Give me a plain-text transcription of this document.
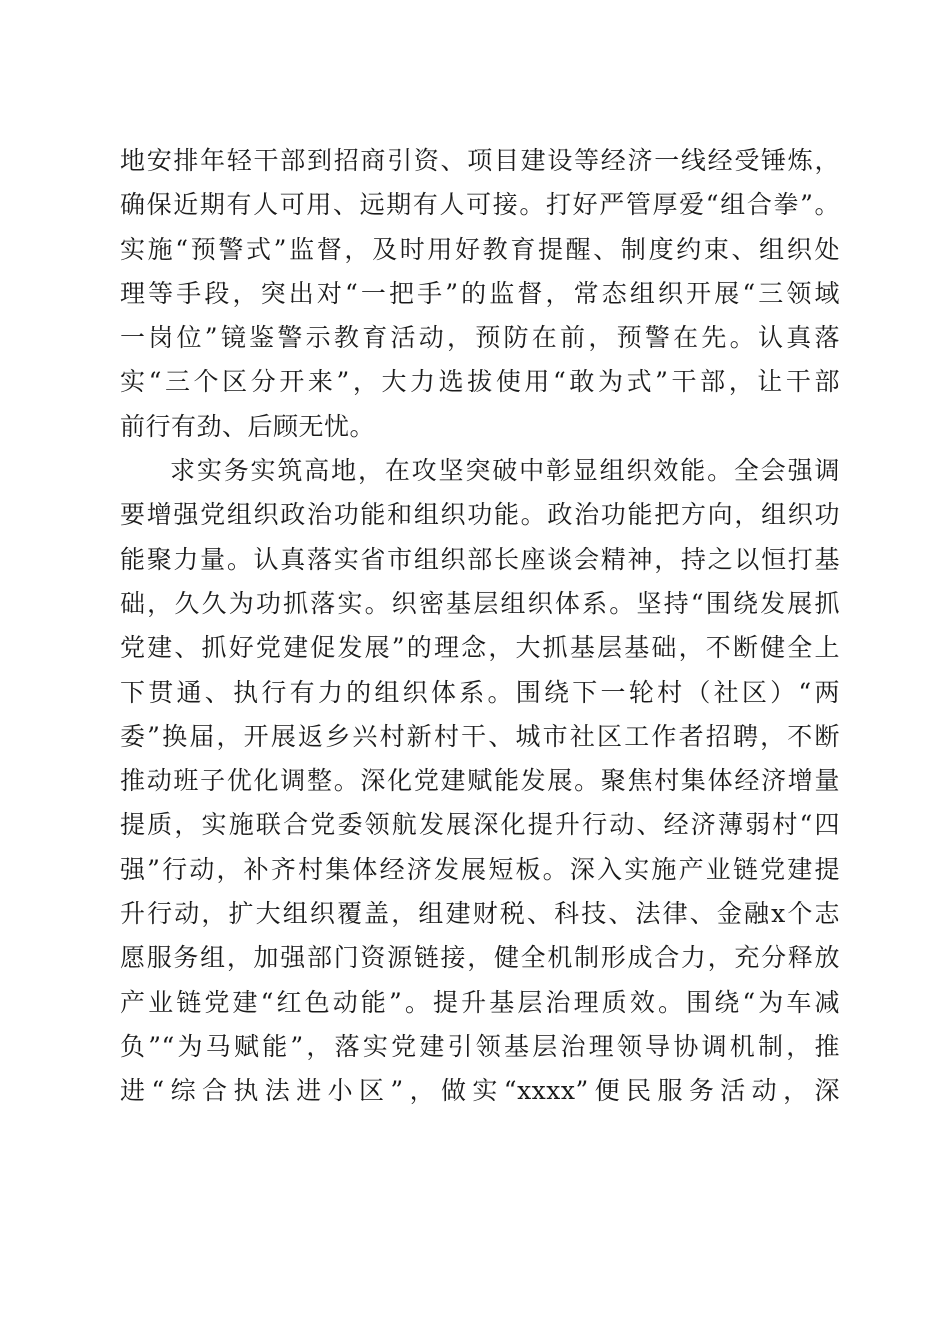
地安排年轻干部到招商引资、项目建设等经济一线经受锤炼，
确保近期有人可用、远期有人可接。打好严管厚爱“组合拳”。
实施“预警式”监督，及时用好教育提醒、制度约束、组织处
理等手段，突出对“一把手”的监督，常态组织开展“三领域
一岗位”镜鉴警示教育活动，预防在前，预警在先。认真落
实“三个区分开来”，大力选拔使用“敢为式”干部，让干部
前行有劲、后顾无忧。
求实务实筑高地，在攻坚突破中彰显组织效能。全会强调
要增强党组织政治功能和组织功能。政治功能把方向，组织功
能聚力量。认真落实省市组织部长座谈会精神，持之以恒打基
础，久久为功抓落实。织密基层组织体系。坚持“围绕发展抓
党建、抓好党建促发展”的理念，大抓基层基础，不断健全上
下贯通、执行有力的组织体系。围绕下一轮村（社区）“两
委”换届，开展返乡兴村新村干、城市社区工作者招聘，不断
推动班子优化调整。深化党建赋能发展。聚焦村集体经济增量
提质，实施联合党委领航发展深化提升行动、经济薄弱村“四
强”行动，补齐村集体经济发展短板。深入实施产业链党建提
升行动，扩大组织覆盖，组建财税、科技、法律、金融x个志
愿服务组，加强部门资源链接，健全机制形成合力，充分释放
产业链党建“红色动能”。提升基层治理质效。围绕“为车减
负”“为马赋能”，落实党建引领基层治理领导协调机制，推
进“综合执法进小区”，做实“xxxx”便民服务活动，深
